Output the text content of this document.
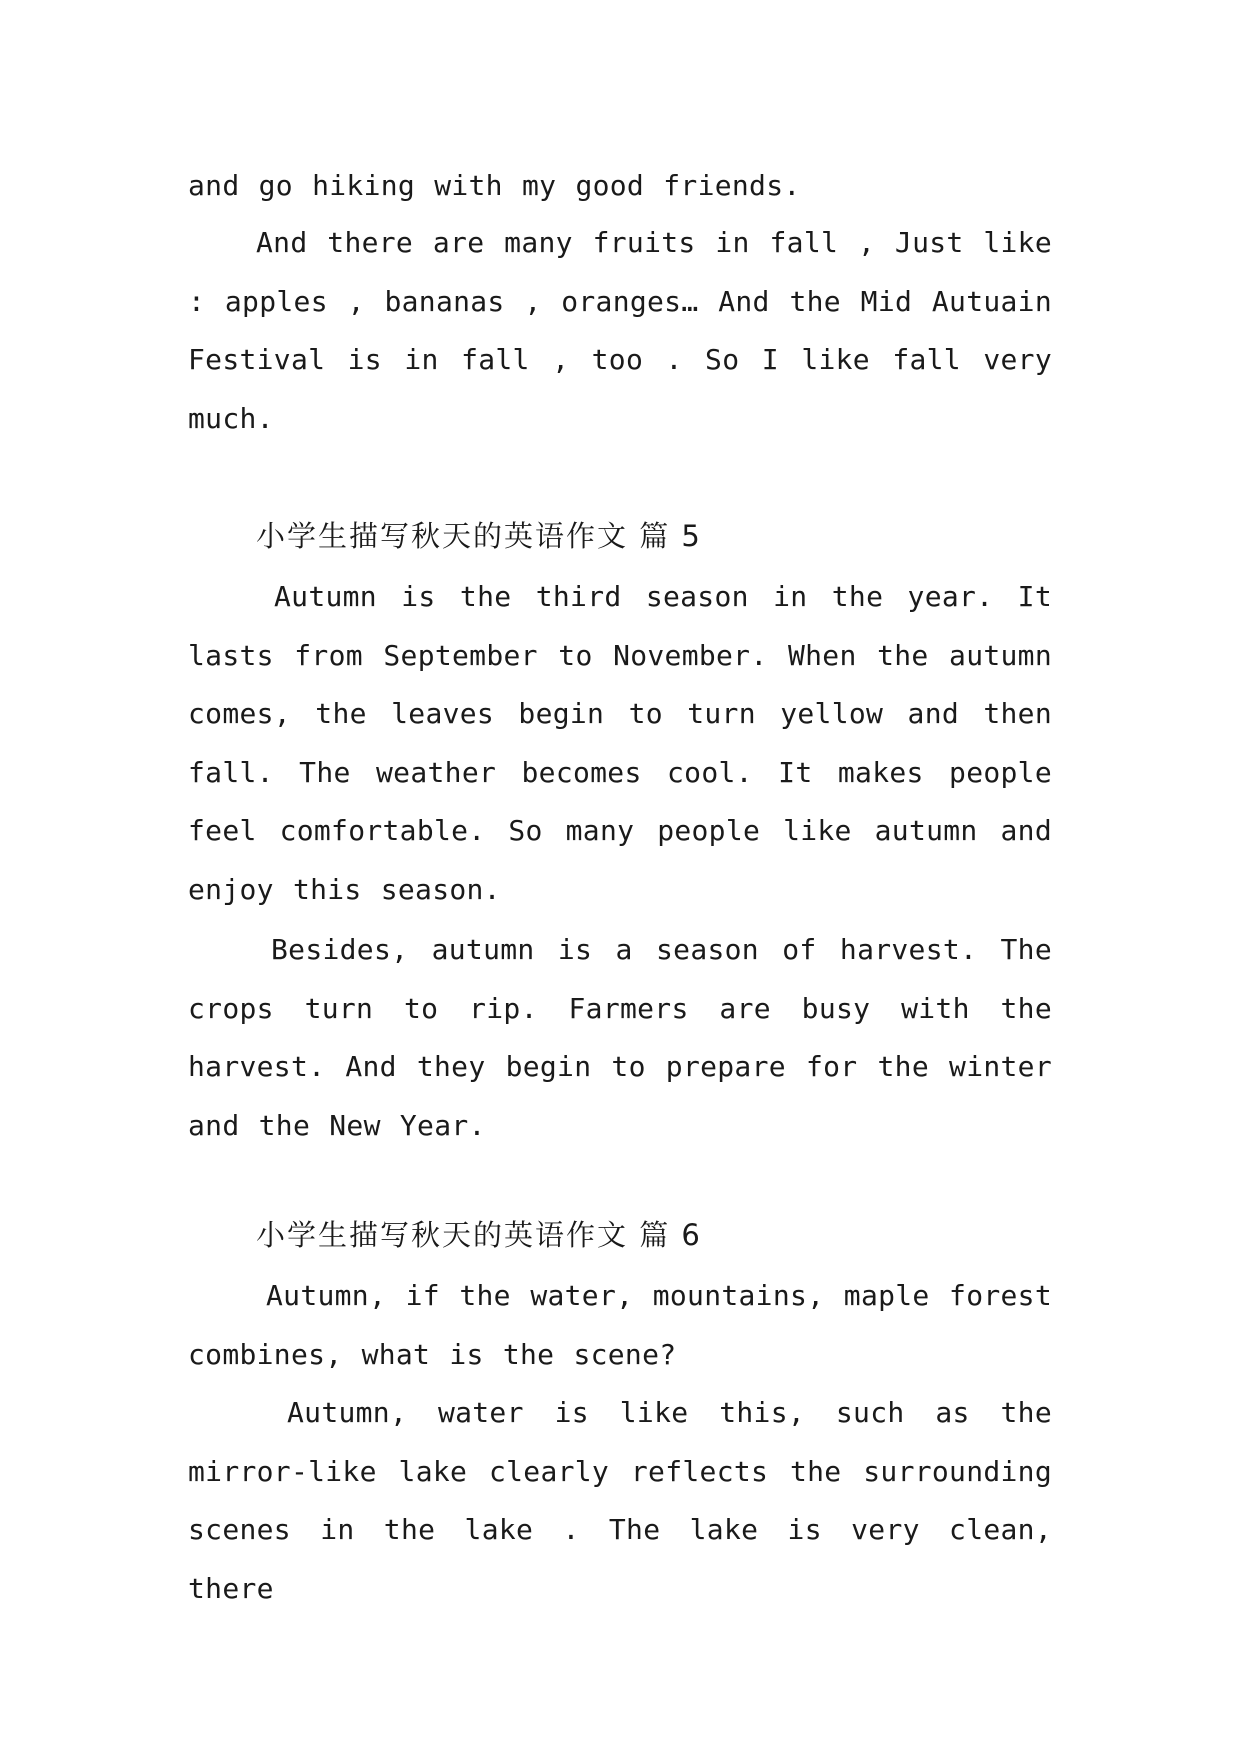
and go hiking with my good friends.

And there are many fruits in fall , Just like : apples , bananas , oranges… And the Mid Autuain Festival is in fall , too . So I like fall very much.

小学生描写秋天的英语作文 篇 5

Autumn is the third season in the year. It lasts from September to November. When the autumn comes, the leaves begin to turn yellow and then fall. The weather becomes cool. It makes people feel comfortable. So many people like autumn and enjoy this season.

Besides, autumn is a season of harvest. The crops turn to rip. Farmers are busy with the harvest. And they begin to prepare for the winter and the New Year.

小学生描写秋天的英语作文 篇 6

Autumn, if the water, mountains, maple forest combines, what is the scene?

Autumn, water is like this, such as the mirror-like lake clearly reflects the surrounding scenes in the lake . The lake is very clean, there
